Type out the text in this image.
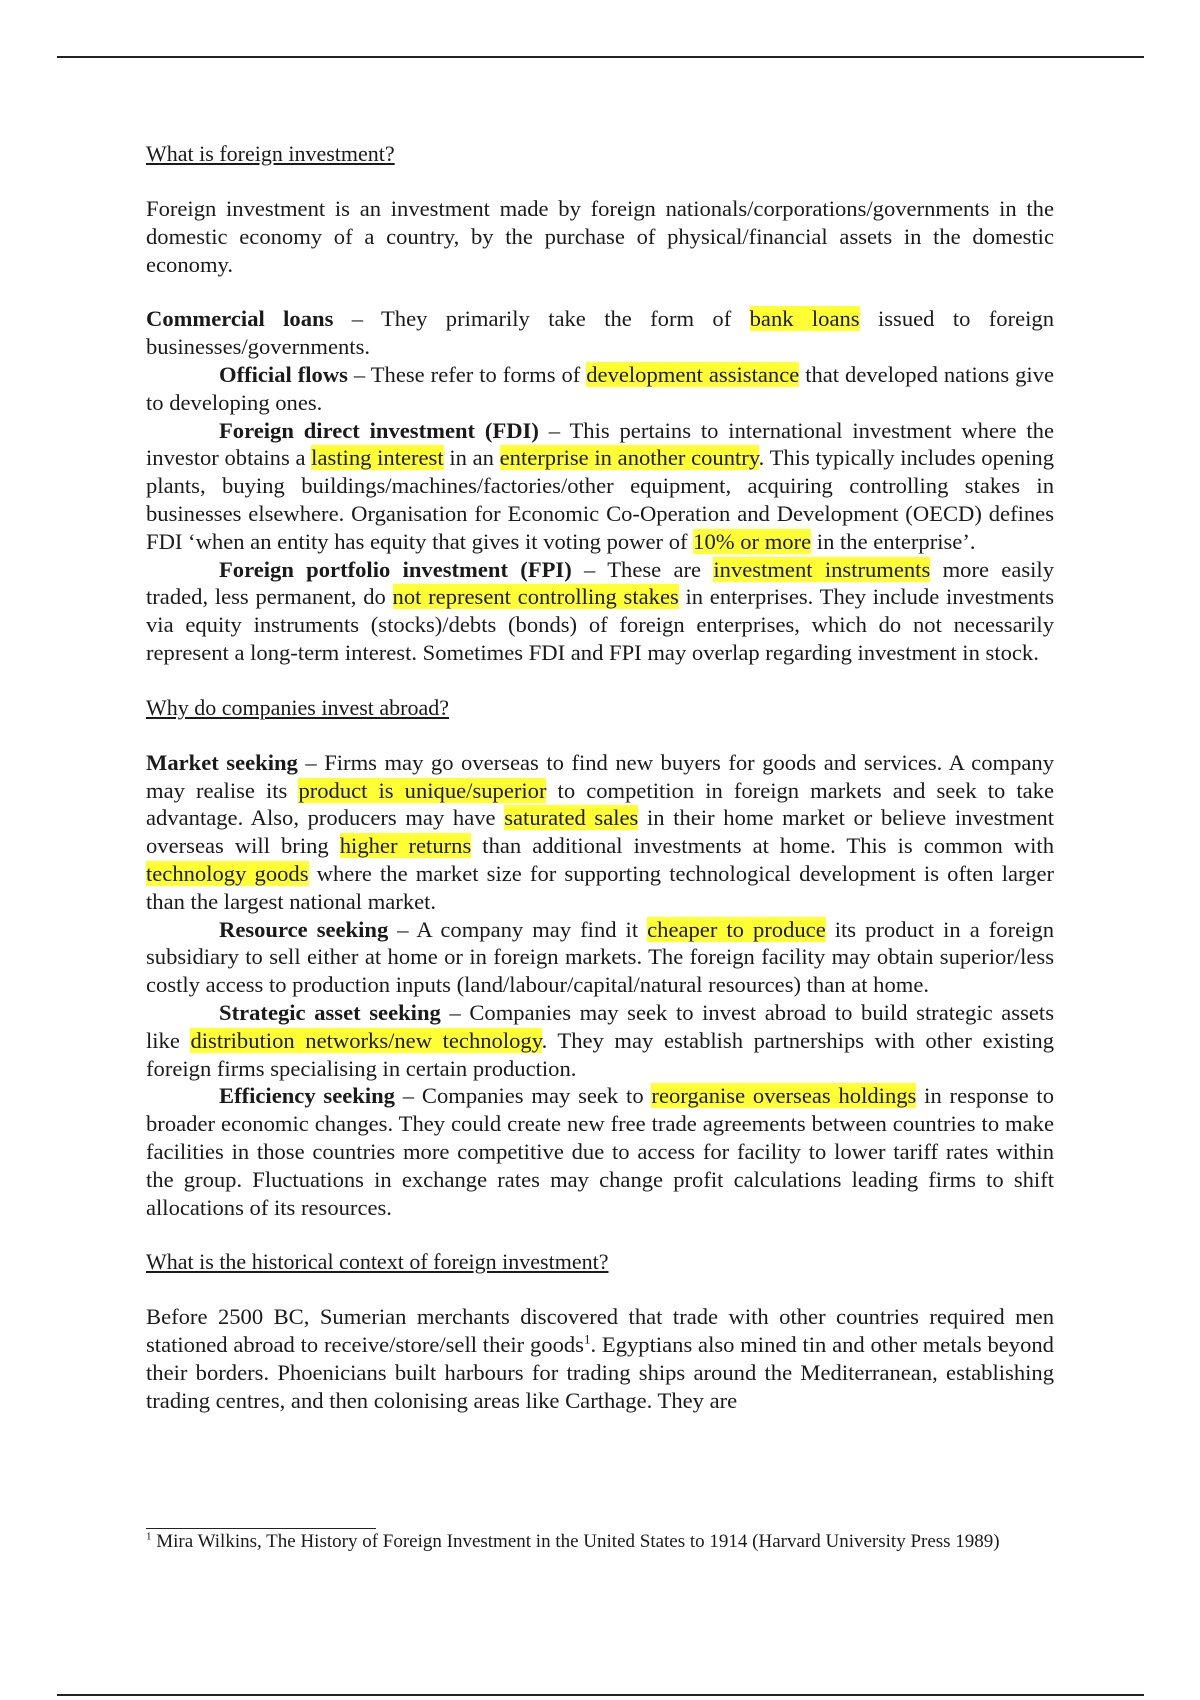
What is foreign investment?

Foreign investment is an investment made by foreign nationals/corporations/governments in the domestic economy of a country, by the purchase of physical/financial assets in the domestic economy.

Commercial loans – They primarily take the form of bank loans issued to foreign businesses/governments.

Official flows – These refer to forms of development assistance that developed nations give to developing ones.

Foreign direct investment (FDI) – This pertains to international investment where the investor obtains a lasting interest in an enterprise in another country. This typically includes opening plants, buying buildings/machines/factories/other equipment, acquiring controlling stakes in businesses elsewhere. Organisation for Economic Co-Operation and Development (OECD) defines FDI ‘when an entity has equity that gives it voting power of 10% or more in the enterprise’.

Foreign portfolio investment (FPI) – These are investment instruments more easily traded, less permanent, do not represent controlling stakes in enterprises. They include investments via equity instruments (stocks)/debts (bonds) of foreign enterprises, which do not necessarily represent a long-term interest. Sometimes FDI and FPI may overlap regarding investment in stock.

Why do companies invest abroad?

Market seeking – Firms may go overseas to find new buyers for goods and services. A company may realise its product is unique/superior to competition in foreign markets and seek to take advantage. Also, producers may have saturated sales in their home market or believe investment overseas will bring higher returns than additional investments at home. This is common with technology goods where the market size for supporting technological development is often larger than the largest national market.

Resource seeking – A company may find it cheaper to produce its product in a foreign subsidiary to sell either at home or in foreign markets. The foreign facility may obtain superior/less costly access to production inputs (land/labour/capital/natural resources) than at home.

Strategic asset seeking – Companies may seek to invest abroad to build strategic assets like distribution networks/new technology. They may establish partnerships with other existing foreign firms specialising in certain production.

Efficiency seeking – Companies may seek to reorganise overseas holdings in response to broader economic changes. They could create new free trade agreements between countries to make facilities in those countries more competitive due to access for facility to lower tariff rates within the group. Fluctuations in exchange rates may change profit calculations leading firms to shift allocations of its resources.

What is the historical context of foreign investment?

Before 2500 BC, Sumerian merchants discovered that trade with other countries required men stationed abroad to receive/store/sell their goods$^1$. Egyptians also mined tin and other metals beyond their borders. Phoenicians built harbours for trading ships around the Mediterranean, establishing trading centres, and then colonising areas like Carthage. They are

$^1$ Mira Wilkins, The History of Foreign Investment in the United States to 1914 (Harvard University Press 1989)
